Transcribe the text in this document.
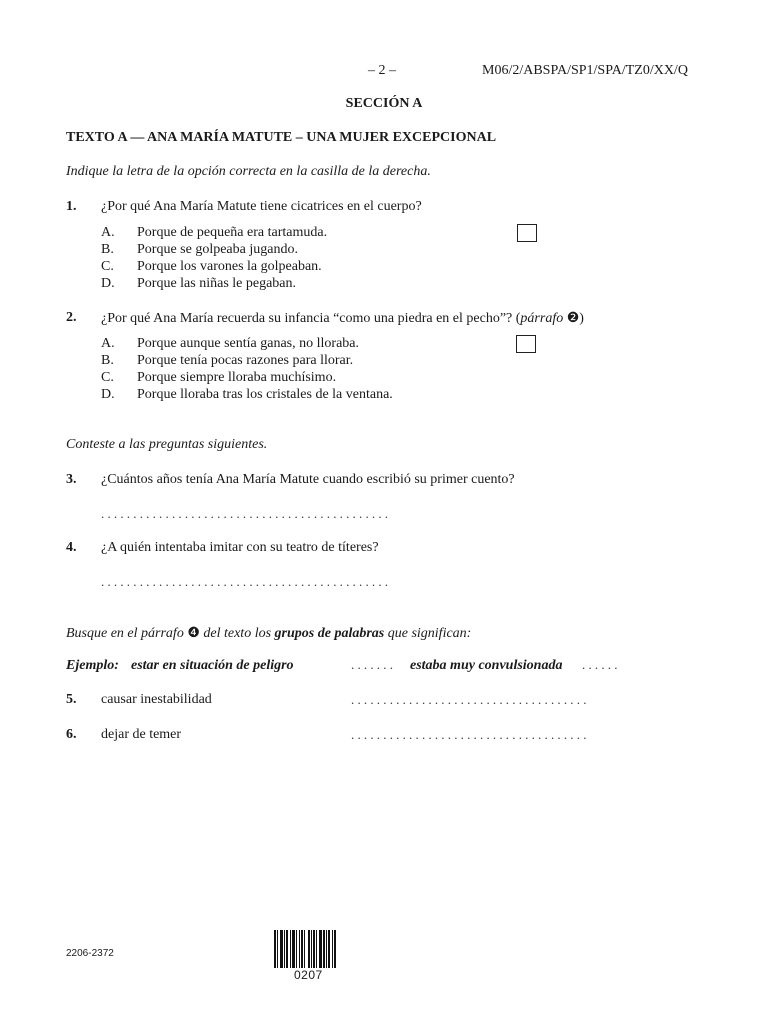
– 2 –	M06/2/ABSPA/SP1/SPA/TZ0/XX/Q
SECCIÓN A
TEXTO A — ANA MARÍA MATUTE – UNA MUJER EXCEPCIONAL
Indique la letra de la opción correcta en la casilla de la derecha.
1. ¿Por qué Ana María Matute tiene cicatrices en el cuerpo?
A. Porque de pequeña era tartamuda.
B. Porque se golpeaba jugando.
C. Porque los varones la golpeaban.
D. Porque las niñas le pegaban.
2. ¿Por qué Ana María recuerda su infancia “como una piedra en el pecho”? (párrafo ❷)
A. Porque aunque sentía ganas, no lloraba.
B. Porque tenía pocas razones para llorar.
C. Porque siempre lloraba muchísimo.
D. Porque lloraba tras los cristales de la ventana.
Conteste a las preguntas siguientes.
3. ¿Cuántos años tenía Ana María Matute cuando escribió su primer cuento?
.............................................
4. ¿A quién intentaba imitar con su teatro de títeres?
.............................................
Busque en el párrafo ❹ del texto los grupos de palabras que significan:
Ejemplo: estar en situación de peligro	....... estaba muy convulsionada ......
5. causar inestabilidad	.....................................
6. dejar de temer	.....................................
2206-2372
0207
